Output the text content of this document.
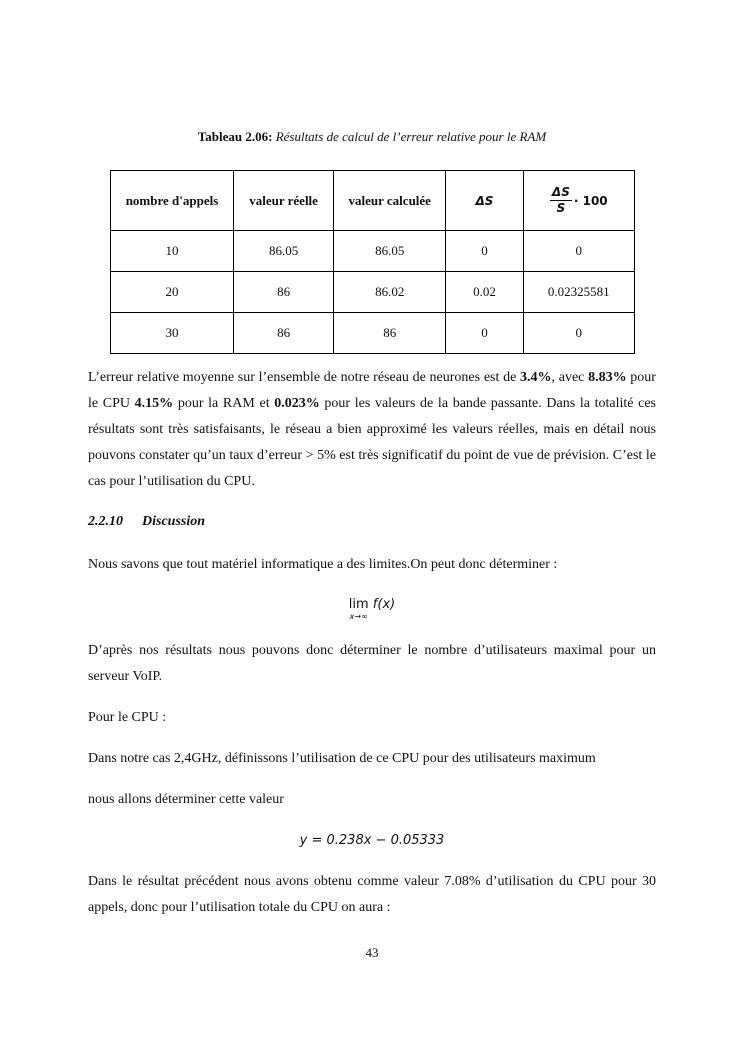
Tableau 2.06: Résultats de calcul de l’erreur relative pour le RAM
nombre d'appels	valeur réelle	valeur calculée	ΔS	$\frac{\Delta S}{S} \cdot 100$
10	86.05	86.05	0	0
20	86	86.02	0.02	0.02325581
30	86	86	0	0
L’erreur relative moyenne sur l’ensemble de notre réseau de neurones est de 3.4%, avec 8.83% pour le CPU 4.15% pour la RAM et 0.023% pour les valeurs de la bande passante. Dans la totalité ces résultats sont très satisfaisants, le réseau a bien approximé les valeurs réelles, mais en détail nous pouvons constater qu’un taux d’erreur > 5% est très significatif du point de vue de prévision. C’est le cas pour l’utilisation du CPU.
2.2.10 Discussion
Nous savons que tout matériel informatique a des limites.On peut donc déterminer :
lim
x→∞
f(x)
D’après nos résultats nous pouvons donc déterminer le nombre d’utilisateurs maximal pour un serveur VoIP.
Pour le CPU :
Dans notre cas 2,4GHz, définissons l’utilisation de ce CPU pour des utilisateurs maximum
nous allons déterminer cette valeur
y = 0.238x − 0.05333
Dans le résultat précédent nous avons obtenu comme valeur 7.08% d’utilisation du CPU pour 30 appels, donc pour l’utilisation totale du CPU on aura :
43
